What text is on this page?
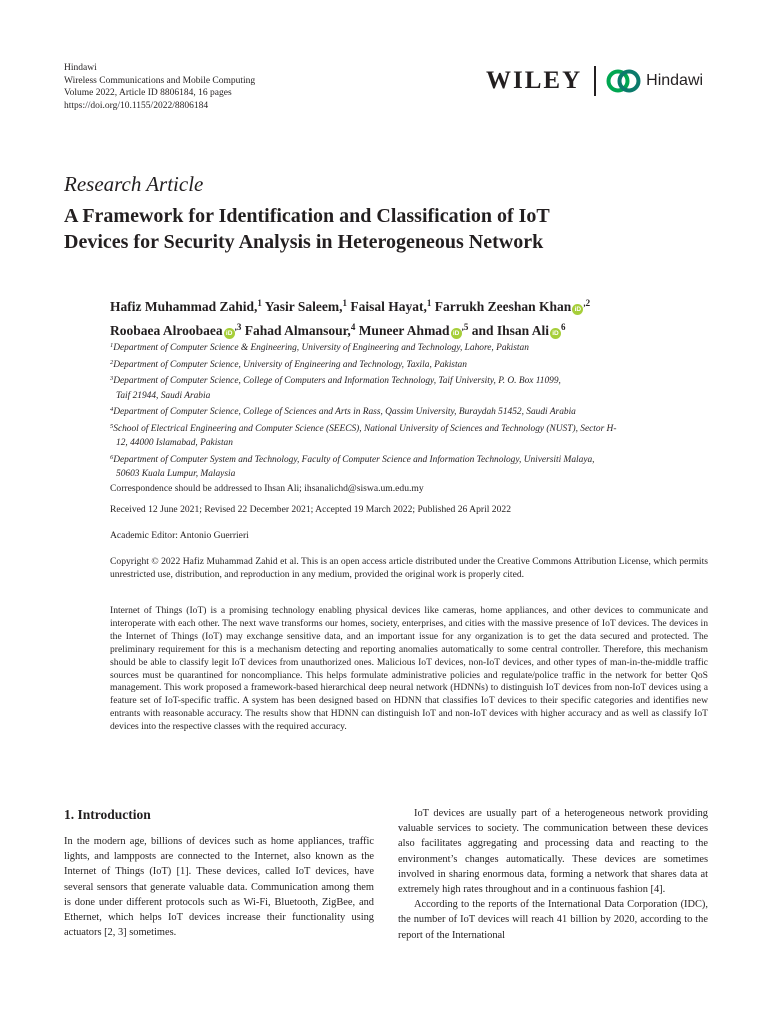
Hindawi
Wireless Communications and Mobile Computing
Volume 2022, Article ID 8806184, 16 pages
https://doi.org/10.1155/2022/8806184
WILEY	Hindawi
Research Article
A Framework for Identification and Classification of IoT
Devices for Security Analysis in Heterogeneous Network
Hafiz Muhammad Zahid,$^1$ Yasir Saleem,$^1$ Faisal Hayat,$^1$ Farrukh Zeeshan Khan $iD^{,2}$
Roobaea Alroobaea $iD^{,3}$ Fahad Almansour,$^4$ Muneer Ahmad $iD^{,5}$ and Ihsan Ali $iD^6$
$^1$Department of Computer Science & Engineering, University of Engineering and Technology, Lahore, Pakistan
$^2$Department of Computer Science, University of Engineering and Technology, Taxila, Pakistan
$^3$Department of Computer Science, College of Computers and Information Technology, Taif University, P. O. Box 11099,
Taif 21944, Saudi Arabia
$^4$Department of Computer Science, College of Sciences and Arts in Rass, Qassim University, Buraydah 51452, Saudi Arabia
$^5$School of Electrical Engineering and Computer Science (SEECS), National University of Sciences and Technology (NUST), Sector H-
12, 44000 Islamabad, Pakistan
$^6$Department of Computer System and Technology, Faculty of Computer Science and Information Technology, Universiti Malaya,
50603 Kuala Lumpur, Malaysia
Correspondence should be addressed to Ihsan Ali; ihsanalichd@siswa.um.edu.my
Received 12 June 2021; Revised 22 December 2021; Accepted 19 March 2022; Published 26 April 2022
Academic Editor: Antonio Guerrieri
Copyright © 2022 Hafiz Muhammad Zahid et al. This is an open access article distributed under the Creative Commons Attribution License, which permits unrestricted use, distribution, and reproduction in any medium, provided the original work is properly cited.
Internet of Things (IoT) is a promising technology enabling physical devices like cameras, home appliances, and other devices to communicate and interoperate with each other. The next wave transforms our homes, society, enterprises, and cities with the massive presence of IoT devices. The devices in the Internet of Things (IoT) may exchange sensitive data, and an important issue for any organization is to get the data secured and protected. The preliminary requirement for this is a mechanism detecting and reporting anomalies automatically to some central controller. Therefore, this mechanism should be able to classify legit IoT devices from unauthorized ones. Malicious IoT devices, non-IoT devices, and other types of man-in-the-middle traffic sources must be quarantined for noncompliance. This helps formulate administrative policies and regulate/police traffic in the network for better QoS management. This work proposed a framework-based hierarchical deep neural network (HDNNs) to distinguish IoT devices from non-IoT devices using a feature set of IoT-specific traffic. A system has been designed based on HDNN that classifies IoT devices to their specific categories and identifies new entrants with reasonable accuracy. The results show that HDNN can distinguish IoT and non-IoT devices with higher accuracy and as well as classify IoT devices into the respective classes with the required accuracy.
1. Introduction

In the modern age, billions of devices such as home appliances, traffic lights, and lampposts are connected to the Internet, also known as the Internet of Things (IoT) [1]. These devices, called IoT devices, have several sensors that generate valuable data. Communication among them is done under different protocols such as Wi-Fi, Bluetooth, ZigBee, and Ethernet, which helps IoT devices increase their functionality using actuators [2, 3] sometimes.

IoT devices are usually part of a heterogeneous network providing valuable services to society. The communication between these devices also facilitates aggregating and processing data and reacting to the environment’s changes automatically. These devices are sometimes involved in sharing enormous data, forming a network that shares data at extremely high rates throughout and in a continuous fashion [4].

According to the reports of the International Data Corporation (IDC), the number of IoT devices will reach 41 billion by 2020, according to the report of the International
